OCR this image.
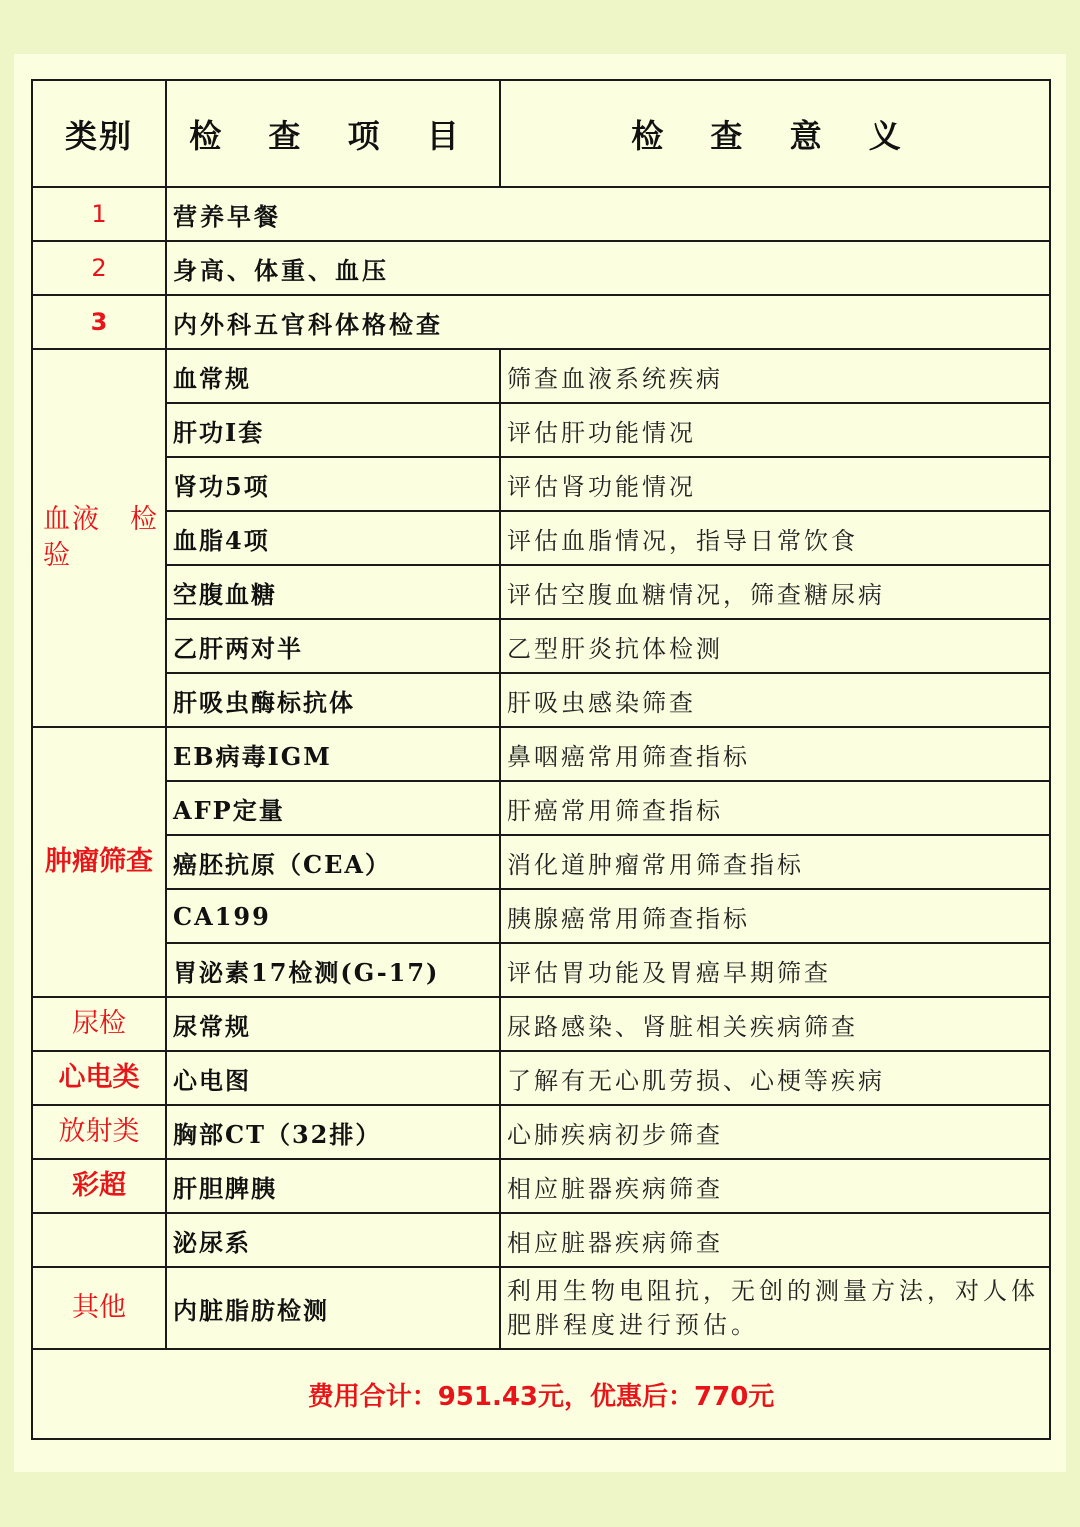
类别	检 查 项 目	检 查 意 义
1	营养早餐	
2	身高、体重、血压	
3	内外科五官科体格检查	
血液　检验	血常规	筛查血液系统疾病
	肝功Ⅰ套	评估肝功能情况
	肾功5项	评估肾功能情况
	血脂4项	评估血脂情况，指导日常饮食
	空腹血糖	评估空腹血糖情况，筛查糖尿病
	乙肝两对半	乙型肝炎抗体检测
	肝吸虫酶标抗体	肝吸虫感染筛查
肿瘤筛查	EB病毒IGM	鼻咽癌常用筛查指标
	AFP定量	肝癌常用筛查指标
	癌胚抗原（CEA）	消化道肿瘤常用筛查指标
	CA199	胰腺癌常用筛查指标
	胃泌素17检测(G-17)	评估胃功能及胃癌早期筛查
尿检	尿常规	尿路感染、肾脏相关疾病筛查
心电类	心电图	了解有无心肌劳损、心梗等疾病
放射类	胸部CT（32排）	心肺疾病初步筛查
彩超	肝胆脾胰	相应脏器疾病筛查
	泌尿系	相应脏器疾病筛查
其他	内脏脂肪检测	利用生物电阻抗，无创的测量方法，对人体肥胖程度进行预估。
费用合计：951.43元，优惠后：770元		
